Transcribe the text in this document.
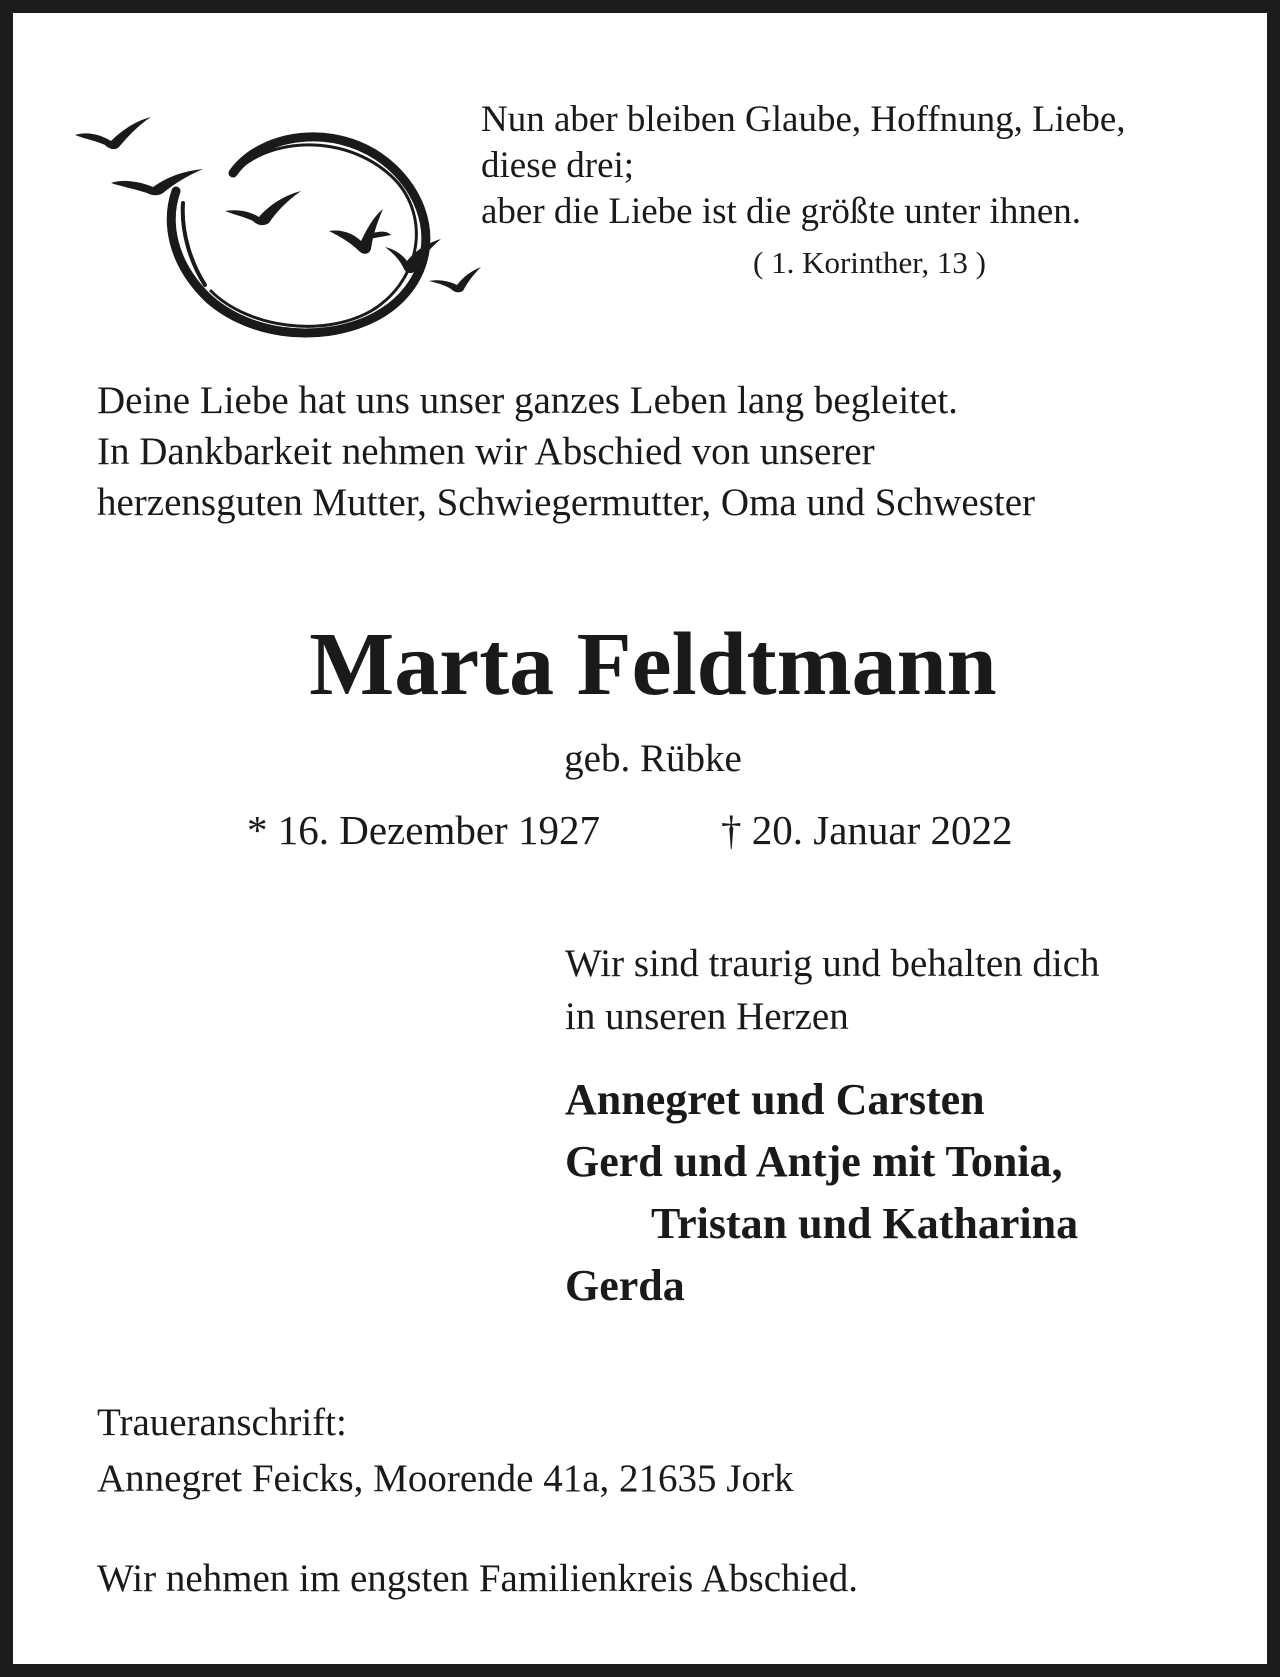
Nun aber bleiben Glaube, Hoffnung, Liebe,
diese drei;
aber die Liebe ist die größte unter ihnen.
( 1. Korinther, 13 )
Deine Liebe hat uns unser ganzes Leben lang begleitet.
In Dankbarkeit nehmen wir Abschied von unserer
herzensguten Mutter, Schwiegermutter, Oma und Schwester
Marta Feldtmann
geb. Rübke
* 16. Dezember 1927	† 20. Januar 2022
Wir sind traurig und behalten dich
in unseren Herzen
Annegret und Carsten
Gerd und Antje mit Tonia,
Tristan und Katharina
Gerda
Traueranschrift:
Annegret Feicks, Moorende 41a, 21635 Jork
Wir nehmen im engsten Familienkreis Abschied.
